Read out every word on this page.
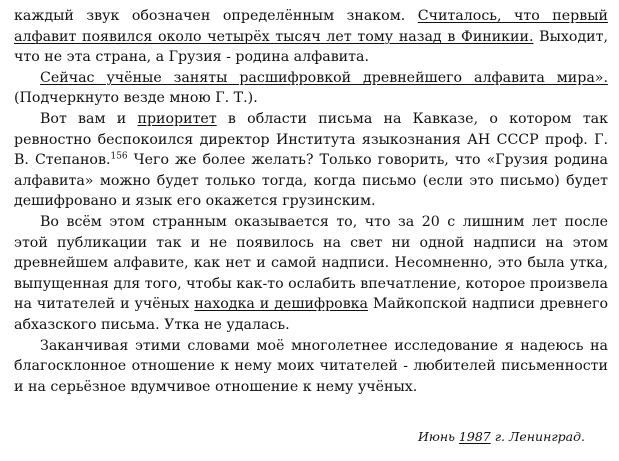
каждый звук обозначен определённым знаком. Считалось, что первый алфавит появился около четырёх тысяч лет тому назад в Финикии. Выходит, что не эта страна, а Грузия - родина алфавита.

Сейчас учёные заняты расшифровкой древнейшего алфавита мира». (Подчеркнуто везде мною Г. Т.).

Вот вам и приоритет в области письма на Кавказе, о котором так ревностно беспокоился директор Института языкознания АН СССР проф. Г. В. Степанов.$^{156}$ Чего же более желать? Только говорить, что «Грузия родина алфавита» можно будет только тогда, когда письмо (если это письмо) будет дешифровано и язык его окажется грузинским.

Во всём этом странным оказывается то, что за 20 с лишним лет после этой публикации так и не появилось на свет ни одной надписи на этом древнейшем алфавите, как нет и самой надписи. Несомненно, это была утка, выпущенная для того, чтобы как-то ослабить впечатление, которое произвела на читателей и учёных находка и дешифровка Майкопской надписи древнего абхазского письма. Утка не удалась.

Заканчивая этими словами моё многолетнее исследование я надеюсь на благосклонное отношение к нему моих читателей - любителей письменности и на серьёзное вдумчивое отношение к нему учёных.

Июнь 1987 г. Ленинград.
